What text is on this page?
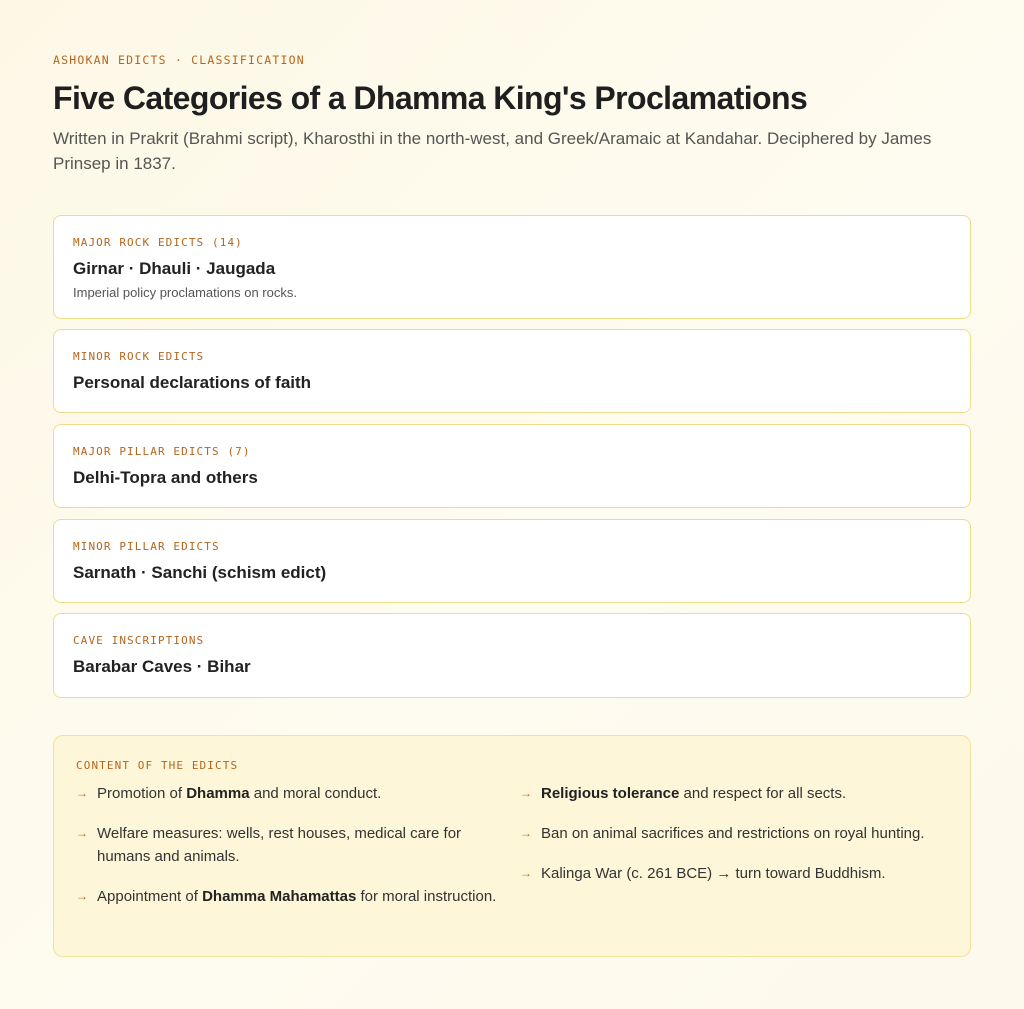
ASHOKAN EDICTS · CLASSIFICATION
Five Categories of a Dhamma King's Proclamations

Written in Prakrit (Brahmi script), Kharosthi in the north-west, and Greek/Aramaic at Kandahar. Deciphered by James Prinsep in 1837.

MAJOR ROCK EDICTS (14)
Girnar · Dhauli · Jaugada
Imperial policy proclamations on rocks.
MINOR ROCK EDICTS
Personal declarations of faith
MAJOR PILLAR EDICTS (7)
Delhi-Topra and others
MINOR PILLAR EDICTS
Sarnath · Sanchi (schism edict)
CAVE INSCRIPTIONS
Barabar Caves · Bihar
CONTENT OF THE EDICTS
→ Promotion of Dhamma and moral conduct.
→ Welfare measures: wells, rest houses, medical care for humans and animals.
→ Appointment of Dhamma Mahamattas for moral instruction.
→ Religious tolerance and respect for all sects.
→ Ban on animal sacrifices and restrictions on royal hunting.
→ Kalinga War (c. 261 BCE) → turn toward Buddhism.
